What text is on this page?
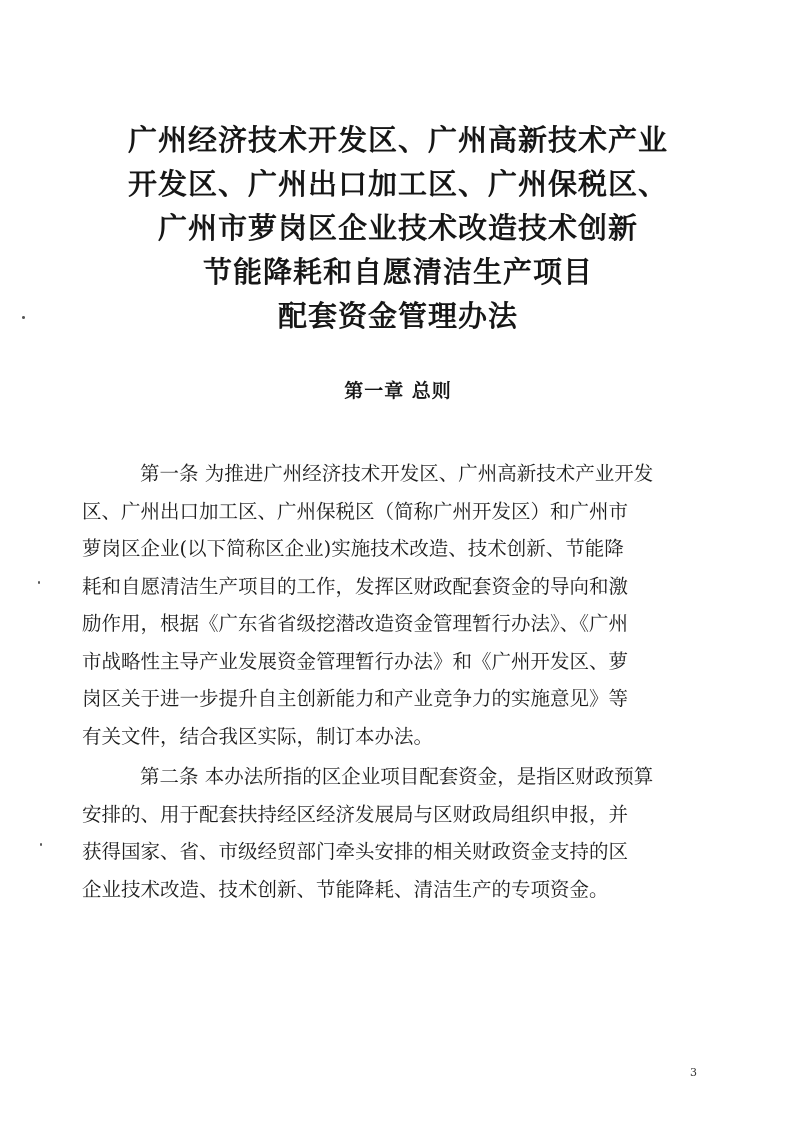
广州经济技术开发区、广州高新技术产业
开发区、广州出口加工区、广州保税区、
广州市萝岗区企业技术改造技术创新
节能降耗和自愿清洁生产项目
配套资金管理办法
第一章 总则
第一条 为推进广州经济技术开发区、广州高新技术产业开发
区、广州出口加工区、广州保税区（简称广州开发区）和广州市
萝岗区企业(以下简称区企业)实施技术改造、技术创新、节能降
耗和自愿清洁生产项目的工作，发挥区财政配套资金的导向和激
励作用，根据《广东省省级挖潜改造资金管理暂行办法》、《广州
市战略性主导产业发展资金管理暂行办法》和《广州开发区、萝
岗区关于进一步提升自主创新能力和产业竞争力的实施意见》等
有关文件，结合我区实际，制订本办法。
第二条 本办法所指的区企业项目配套资金，是指区财政预算
安排的、用于配套扶持经区经济发展局与区财政局组织申报，并
获得国家、省、市级经贸部门牵头安排的相关财政资金支持的区
企业技术改造、技术创新、节能降耗、清洁生产的专项资金。
3
